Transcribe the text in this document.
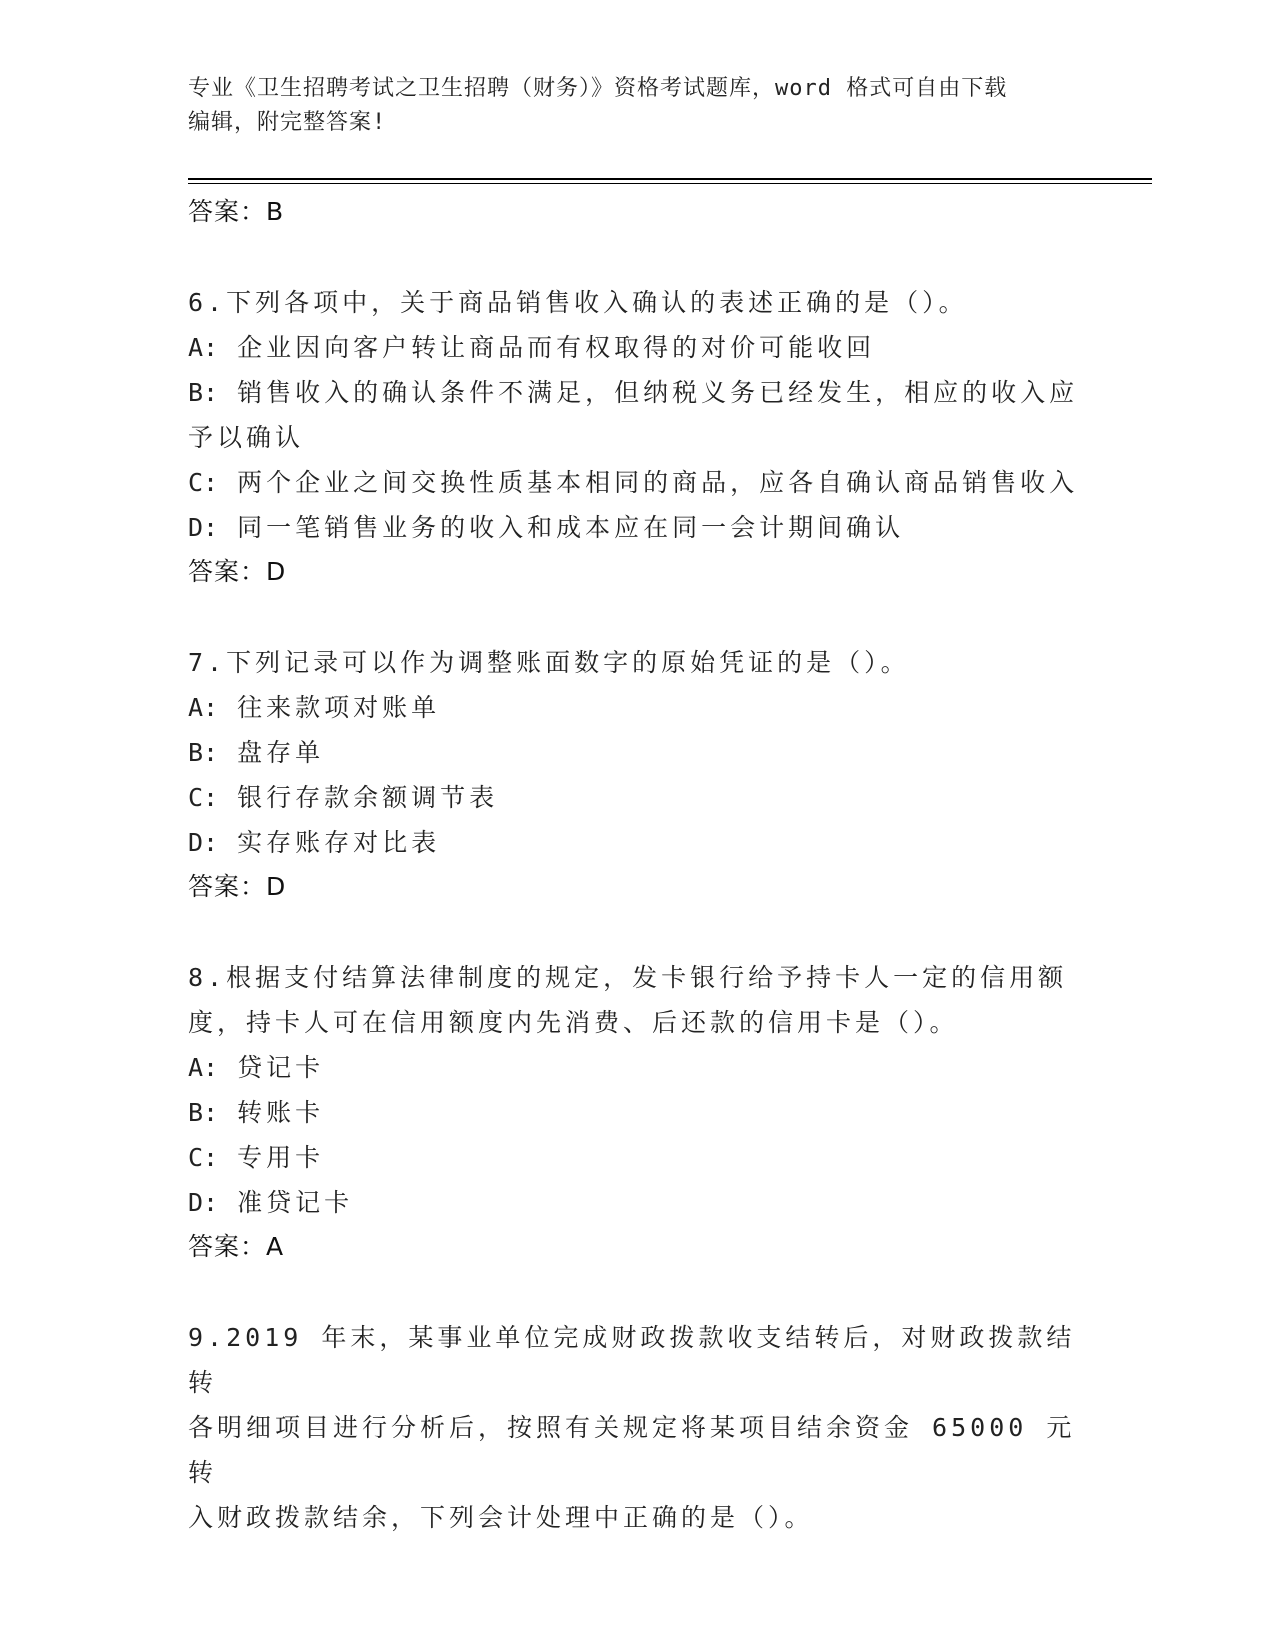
专业《卫生招聘考试之卫生招聘（财务）》资格考试题库，word 格式可自由下载
编辑，附完整答案!
答案：B

6.下列各项中，关于商品销售收入确认的表述正确的是（）。

A: 企业因向客户转让商品而有权取得的对价可能收回

B: 销售收入的确认条件不满足，但纳税义务已经发生，相应的收入应

予以确认

C: 两个企业之间交换性质基本相同的商品，应各自确认商品销售收入

D: 同一笔销售业务的收入和成本应在同一会计期间确认

答案：D

7.下列记录可以作为调整账面数字的原始凭证的是（）。

A: 往来款项对账单

B: 盘存单

C: 银行存款余额调节表

D: 实存账存对比表

答案：D

8.根据支付结算法律制度的规定，发卡银行给予持卡人一定的信用额

度，持卡人可在信用额度内先消费、后还款的信用卡是（）。

A: 贷记卡

B: 转账卡

C: 专用卡

D: 准贷记卡

答案：A

9.2019 年末，某事业单位完成财政拨款收支结转后，对财政拨款结转

各明细项目进行分析后，按照有关规定将某项目结余资金 65000 元转

入财政拨款结余，下列会计处理中正确的是（）。
